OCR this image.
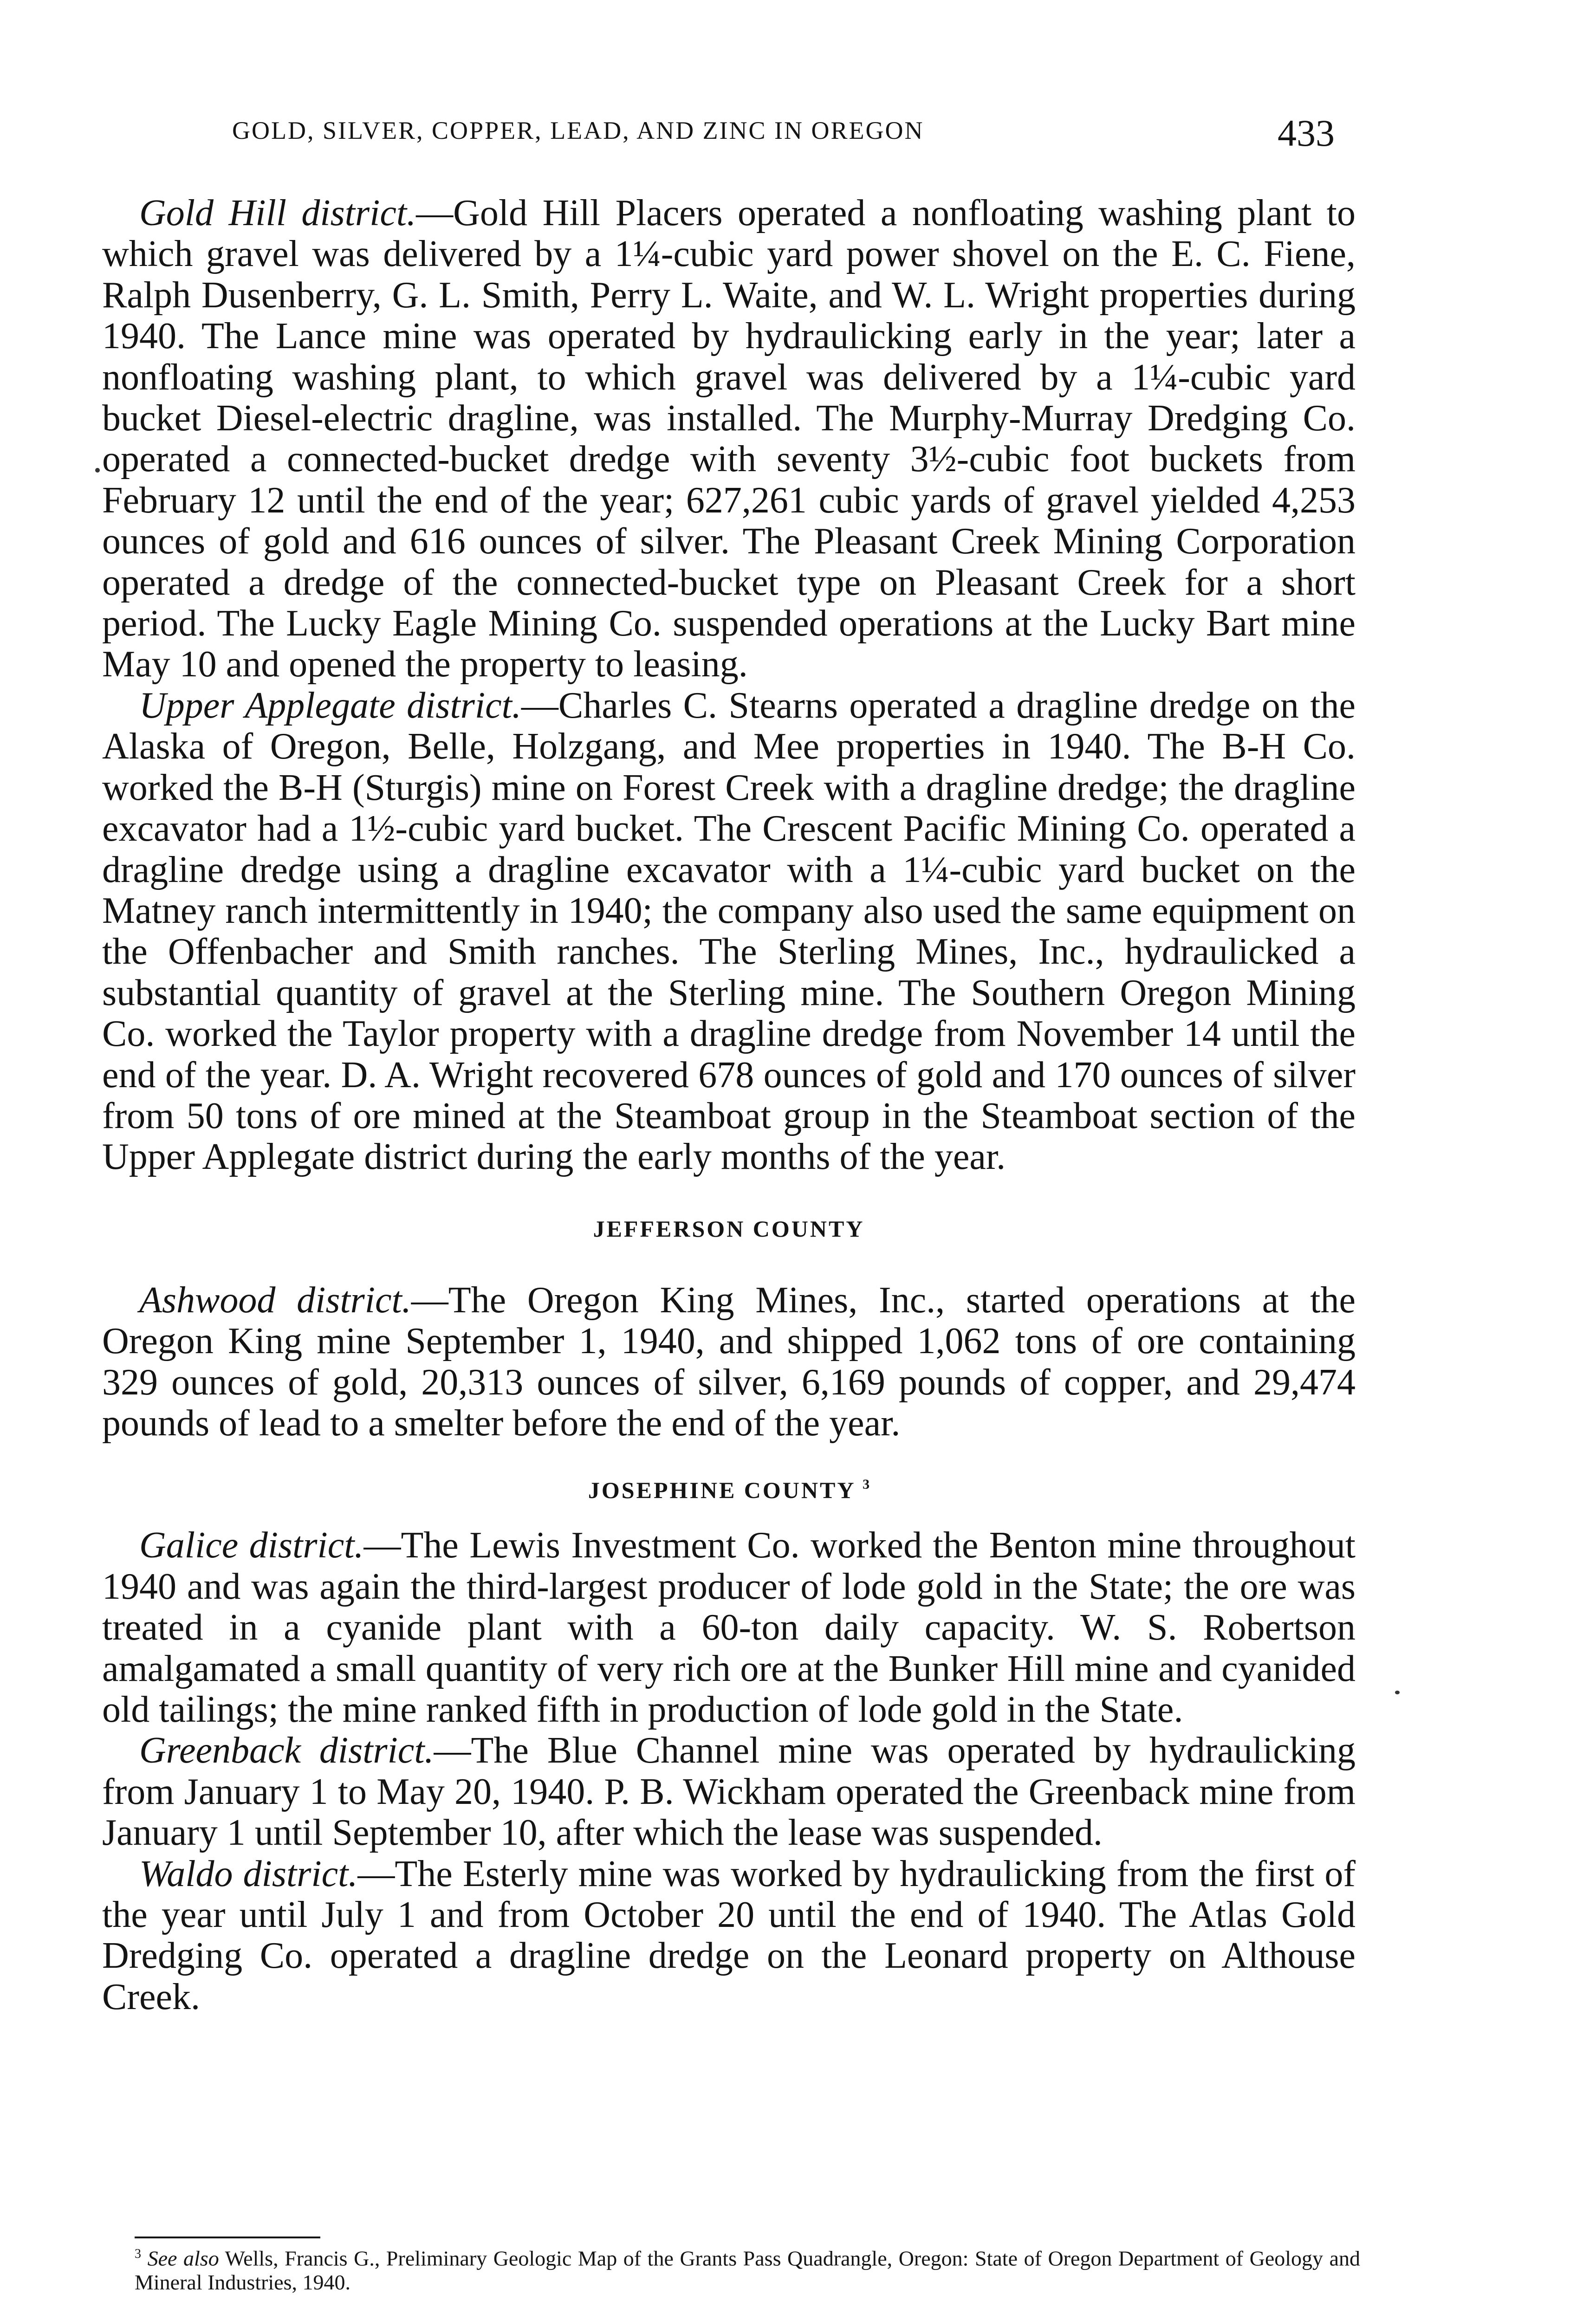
GOLD, SILVER, COPPER, LEAD, AND ZINC IN OREGON	433

Gold Hill district.—Gold Hill Placers operated a nonfloating washing plant to which gravel was delivered by a 1¼-cubic yard power shovel on the E. C. Fiene, Ralph Dusenberry, G. L. Smith, Perry L. Waite, and W. L. Wright properties during 1940. The Lance mine was operated by hydraulicking early in the year; later a nonfloating washing plant, to which gravel was delivered by a 1¼-cubic yard bucket Diesel-electric dragline, was installed. The Murphy-Murray Dredging Co. operated a connected-bucket dredge with seventy 3½-cubic foot buckets from February 12 until the end of the year; 627,261 cubic yards of gravel yielded 4,253 ounces of gold and 616 ounces of silver. The Pleasant Creek Mining Corporation operated a dredge of the connected-bucket type on Pleasant Creek for a short period. The Lucky Eagle Mining Co. suspended operations at the Lucky Bart mine May 10 and opened the property to leasing.

Upper Applegate district.—Charles C. Stearns operated a dragline dredge on the Alaska of Oregon, Belle, Holzgang, and Mee properties in 1940. The B-H Co. worked the B-H (Sturgis) mine on Forest Creek with a dragline dredge; the dragline excavator had a 1½-cubic yard bucket. The Crescent Pacific Mining Co. operated a dragline dredge using a dragline excavator with a 1¼-cubic yard bucket on the Matney ranch intermittently in 1940; the company also used the same equipment on the Offenbacher and Smith ranches. The Sterling Mines, Inc., hydraulicked a substantial quantity of gravel at the Sterling mine. The Southern Oregon Mining Co. worked the Taylor property with a dragline dredge from November 14 until the end of the year. D. A. Wright recovered 678 ounces of gold and 170 ounces of silver from 50 tons of ore mined at the Steamboat group in the Steamboat section of the Upper Applegate district during the early months of the year.

JEFFERSON COUNTY

Ashwood district.—The Oregon King Mines, Inc., started operations at the Oregon King mine September 1, 1940, and shipped 1,062 tons of ore containing 329 ounces of gold, 20,313 ounces of silver, 6,169 pounds of copper, and 29,474 pounds of lead to a smelter before the end of the year.

JOSEPHINE COUNTY $^3$

Galice district.—The Lewis Investment Co. worked the Benton mine throughout 1940 and was again the third-largest producer of lode gold in the State; the ore was treated in a cyanide plant with a 60-ton daily capacity. W. S. Robertson amalgamated a small quantity of very rich ore at the Bunker Hill mine and cyanided old tailings; the mine ranked fifth in production of lode gold in the State.

Greenback district.—The Blue Channel mine was operated by hydraulicking from January 1 to May 20, 1940. P. B. Wickham operated the Greenback mine from January 1 until September 10, after which the lease was suspended.

Waldo district.—The Esterly mine was worked by hydraulicking from the first of the year until July 1 and from October 20 until the end of 1940. The Atlas Gold Dredging Co. operated a dragline dredge on the Leonard property on Althouse Creek.

$^3$ See also Wells, Francis G., Preliminary Geologic Map of the Grants Pass Quadrangle, Oregon: State of Oregon Department of Geology and Mineral Industries, 1940.
